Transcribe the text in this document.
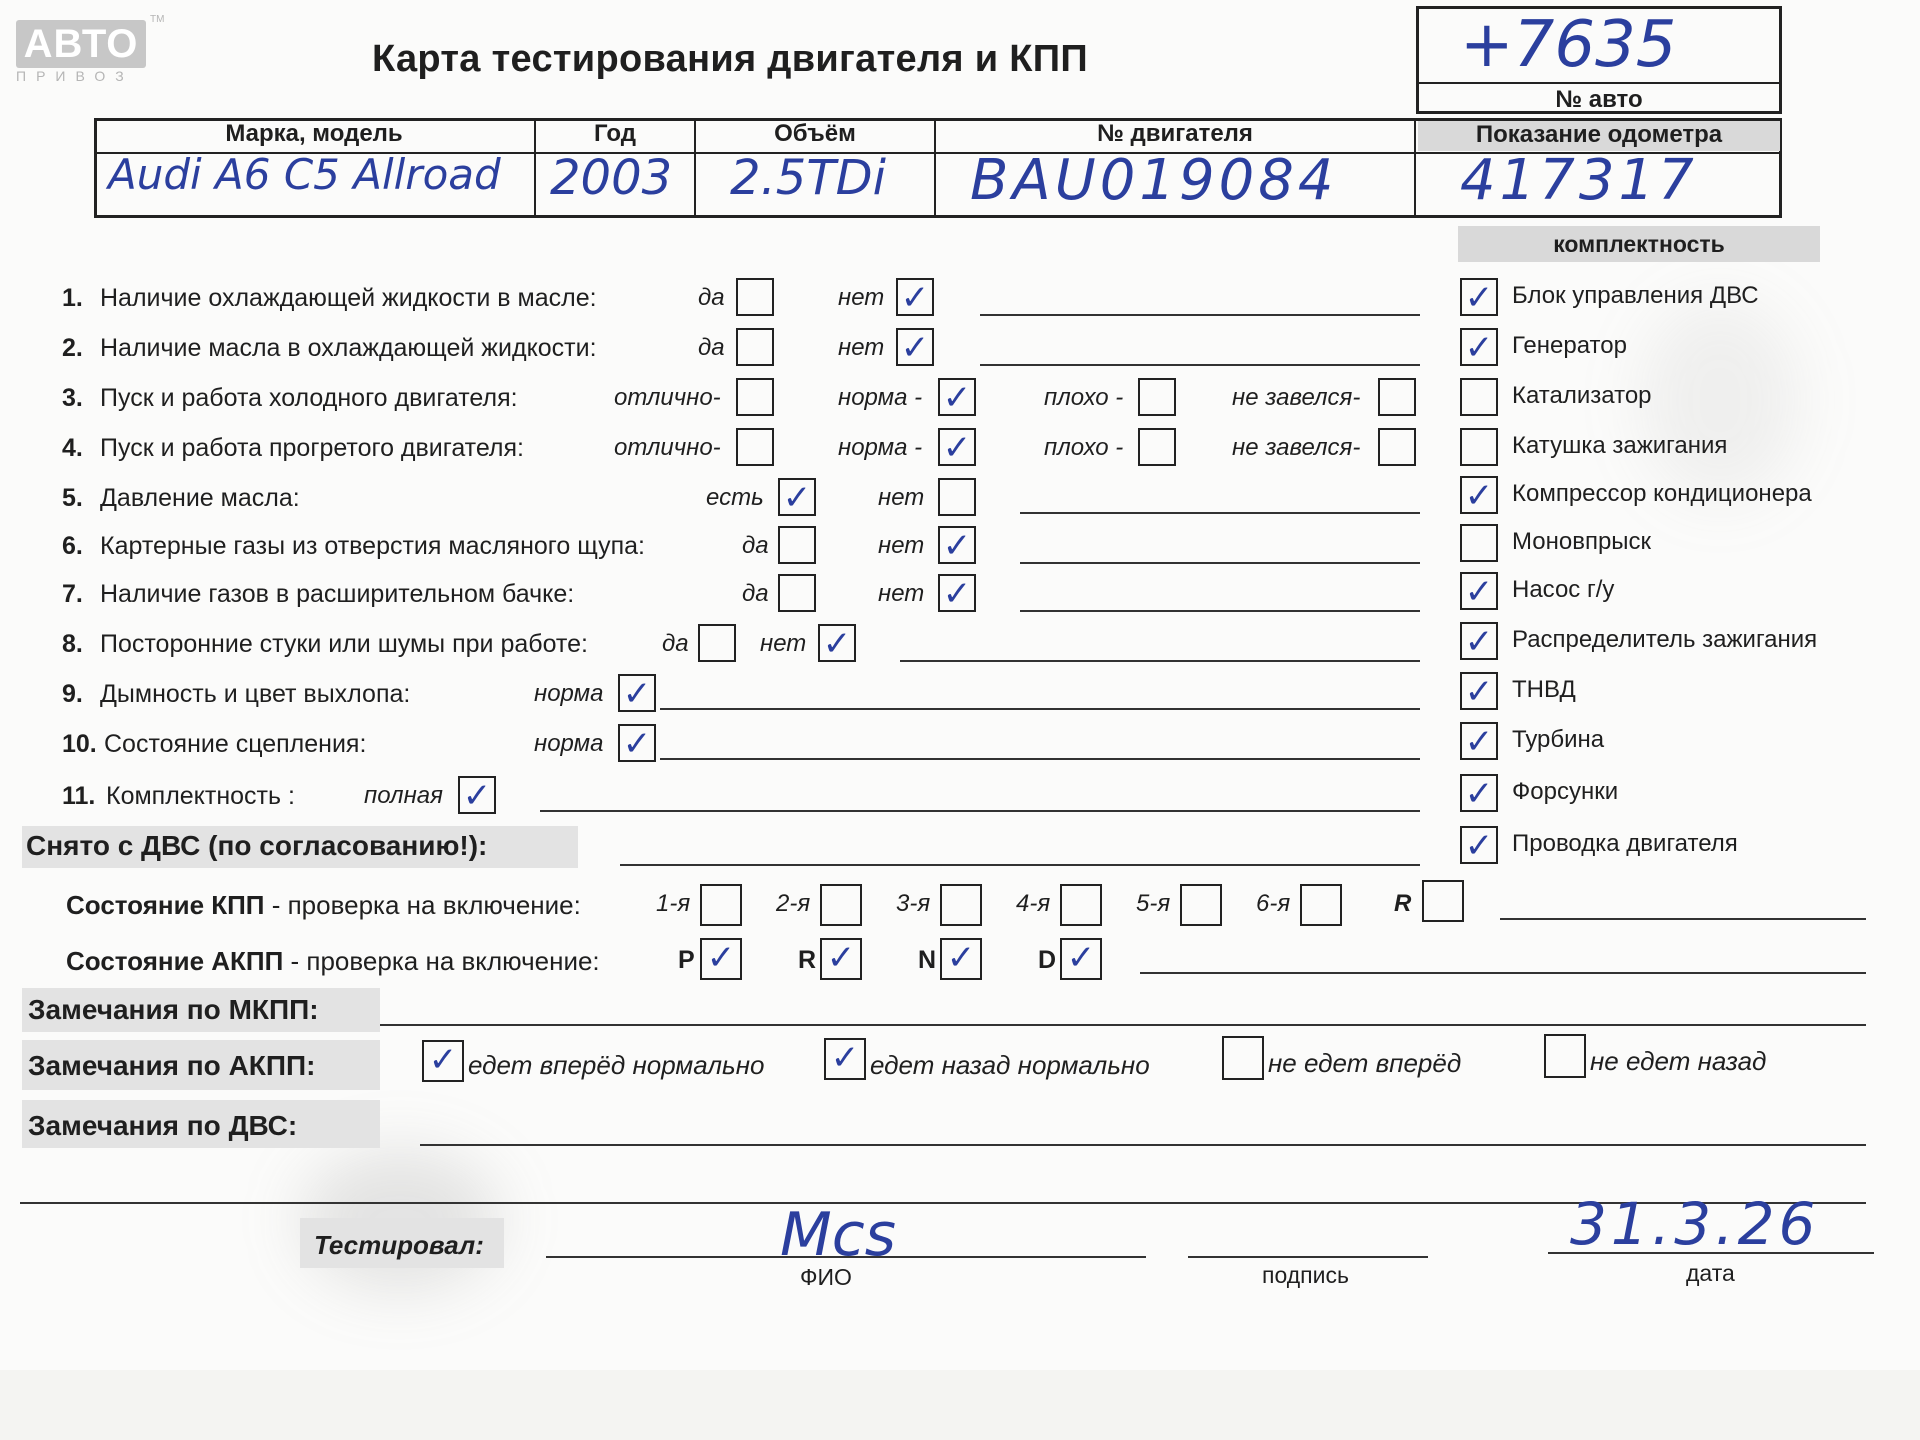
АВТО
ПРИВОЗ
TM
Карта тестирования двигателя и КПП	+7635
№ авто
Марка, модель	Год	Объём	№ двигателя	Показание одометра
Audi A6 C5 Allroad 2003 2.5TDi BAU019084 417317
комплектность
1. Наличие охлаждающей жидкости в масле:	да	нет ✓
2. Наличие масла в охлаждающей жидкости:	да	нет ✓
3. Пуск и работа холодного двигателя:	отлично-	норма - ✓	плохо -	не завелся-
4. Пуск и работа прогретого двигателя:	отлично-	норма - ✓	плохо -	не завелся-
5. Давление масла:	есть ✓	нет
6. Картерные газы из отверстия масляного щупа:	да	нет ✓
7. Наличие газов в расширительном бачке:	да	нет ✓
8. Посторонние стуки или шумы при работе:	да	нет ✓
9. Дымность и цвет выхлопа:	норма ✓
10. Состояние сцепления:	норма ✓
11. Комплектность :	полная ✓
✓ Блок управления ДВС
✓ Генератор
Катализатор
Катушка зажигания
✓ Компрессор кондиционера
Моновпрыск
✓ Насос г/у
✓ Распределитель зажигания
✓ ТНВД
✓ Турбина
✓ Форсунки
✓ Проводка двигателя
Снято с ДВС (по согласованию!):
Состояние КПП - проверка на включение:	1-я	2-я	3-я	4-я	5-я	6-я	R
Состояние АКПП - проверка на включение:	P ✓	R ✓	N ✓	D ✓
Замечания по МКПП:
Замечания по АКПП:	✓ едет вперёд нормально ✓ едет назад нормально	не едет вперёд	не едет назад
Замечания по ДВС:
Тестировал:	Mcs
ФИО	подпись
31.3.26
дата
